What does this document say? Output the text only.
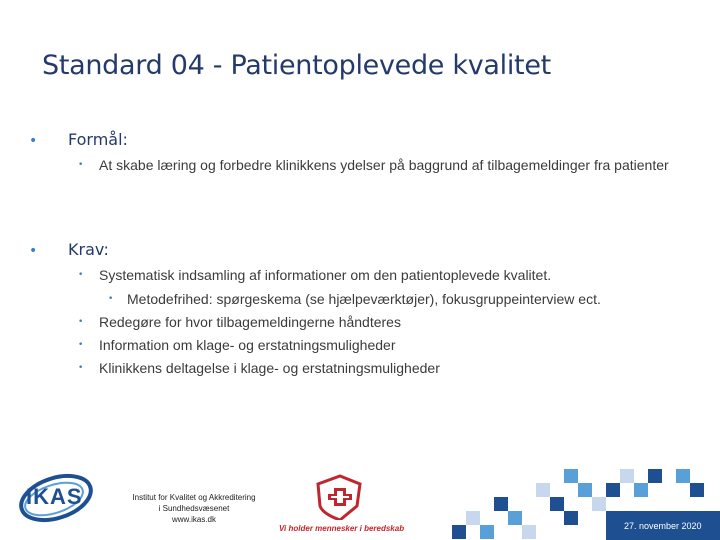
Standard 04 - Patientoplevede kvalitet
• Formål:
• At skabe læring og forbedre klinikkens ydelser på baggrund af tilbagemeldinger fra patienter
• Krav:
• Systematisk indsamling af informationer om den patientoplevede kvalitet.
• Metodefrihed: spørgeskema (se hjælpeværktøjer), fokusgruppeinterview ect.
• Redegøre for hvor tilbagemeldingerne håndteres
• Information om klage- og erstatningsmuligheder
• Klinikkens deltagelse i klage- og erstatningsmuligheder
IKAS	Institut for Kvalitet og Akkreditering
i Sundhedsvæsenet
www.ikas.dk
Vi holder mennesker i beredskab	27. november 2020
